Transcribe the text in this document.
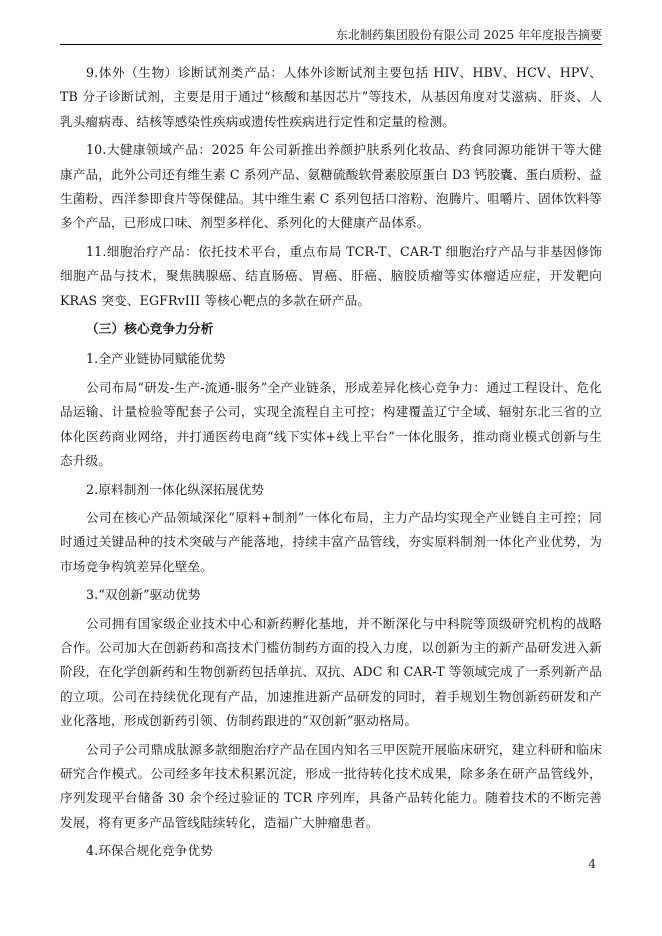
东北制药集团股份有限公司 2025 年年度报告摘要

9.体外（生物）诊断试剂类产品：人体外诊断试剂主要包括 HIV、HBV、HCV、HPV、TB 分子诊断试剂，主要是用于通过“核酸和基因芯片”等技术，从基因角度对艾滋病、肝炎、人乳头瘤病毒、结核等感染性疾病或遗传性疾病进行定性和定量的检测。

10.大健康领域产品：2025 年公司新推出养颜护肤系列化妆品、药食同源功能饼干等大健康产品，此外公司还有维生素 C 系列产品、氨糖硫酸软骨素胶原蛋白 D3 钙胶囊、蛋白质粉、益生菌粉、西洋参即食片等保健品。其中维生素 C 系列包括口溶粉、泡腾片、咀嚼片、固体饮料等多个产品，已形成口味、剂型多样化、系列化的大健康产品体系。

11.细胞治疗产品：依托技术平台，重点布局 TCR-T、CAR-T 细胞治疗产品与非基因修饰细胞产品与技术，聚焦胰腺癌、结直肠癌、胃癌、肝癌、脑胶质瘤等实体瘤适应症，开发靶向 KRAS 突变、EGFRvIII 等核心靶点的多款在研产品。

（三）核心竞争力分析

1.全产业链协同赋能优势

公司布局“研发-生产-流通-服务”全产业链条，形成差异化核心竞争力：通过工程设计、危化品运输、计量检验等配套子公司，实现全流程自主可控；构建覆盖辽宁全域、辐射东北三省的立体化医药商业网络，并打通医药电商“线下实体+线上平台”一体化服务，推动商业模式创新与生态升级。

2.原料制剂一体化纵深拓展优势

公司在核心产品领域深化“原料+制剂”一体化布局，主力产品均实现全产业链自主可控；同时通过关键品种的技术突破与产能落地，持续丰富产品管线，夯实原料制剂一体化产业优势，为市场竞争构筑差异化壁垒。

3.“双创新”驱动优势

公司拥有国家级企业技术中心和新药孵化基地，并不断深化与中科院等顶级研究机构的战略合作。公司加大在创新药和高技术门槛仿制药方面的投入力度，以创新为主的新产品研发进入新阶段，在化学创新药和生物创新药包括单抗、双抗、ADC 和 CAR-T 等领域完成了一系列新产品的立项。公司在持续优化现有产品，加速推进新产品研发的同时，着手规划生物创新药研发和产业化落地，形成创新药引领、仿制药跟进的“双创新”驱动格局。

公司子公司鼎成肽源多款细胞治疗产品在国内知名三甲医院开展临床研究，建立科研和临床研究合作模式。公司经多年技术积累沉淀，形成一批待转化技术成果，除多条在研产品管线外，序列发现平台储备 30 余个经过验证的 TCR 序列库，具备产品转化能力。随着技术的不断完善发展，将有更多产品管线陆续转化，造福广大肿瘤患者。

4.环保合规化竞争优势

4
